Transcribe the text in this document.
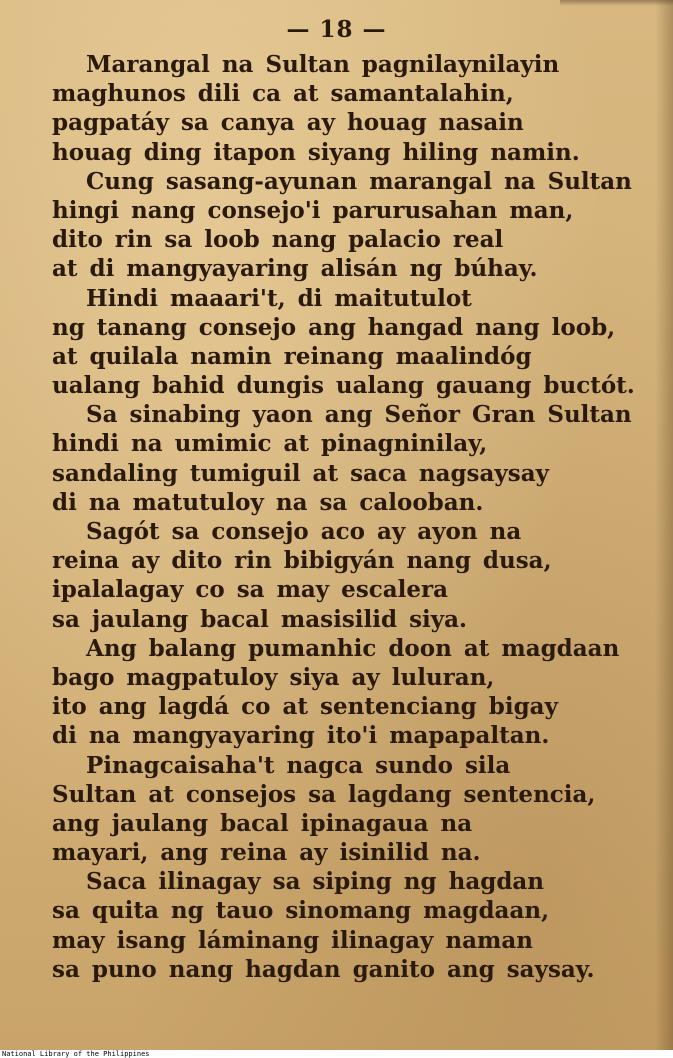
— 18 —
Marangal na Sultan pagnilaynilayin
maghunos dili ca at samantalahin,
pagpatáy sa canya ay houag nasain
houag ding itapon siyang hiling namin.
Cung sasang-ayunan marangal na Sultan
hingi nang consejo'i parurusahan man,
dito rin sa loob nang palacio real
at di mangyayaring alisán ng búhay.
Hindi maaari't, di maitutulot
ng tanang consejo ang hangad nang loob,
at quilala namin reinang maalindóg
ualang bahid dungis ualang gauang buctót.
Sa sinabing yaon ang Señor Gran Sultan
hindi na umimic at pinagninilay,
sandaling tumiguil at saca nagsaysay
di na matutuloy na sa calooban.
Sagót sa consejo aco ay ayon na
reina ay dito rin bibigyán nang dusa,
ipalalagay co sa may escalera
sa jaulang bacal masisilid siya.
Ang balang pumanhic doon at magdaan
bago magpatuloy siya ay luluran,
ito ang lagdá co at sentenciang bigay
di na mangyayaring ito'i mapapaltan.
Pinagcaisaha't nagca sundo sila
Sultan at consejos sa lagdang sentencia,
ang jaulang bacal ipinagaua na
mayari, ang reina ay isinilid na.
Saca ilinagay sa siping ng hagdan
sa quita ng tauo sinomang magdaan,
may isang láminang ilinagay naman
sa puno nang hagdan ganito ang saysay.
National Library of the Philippines
